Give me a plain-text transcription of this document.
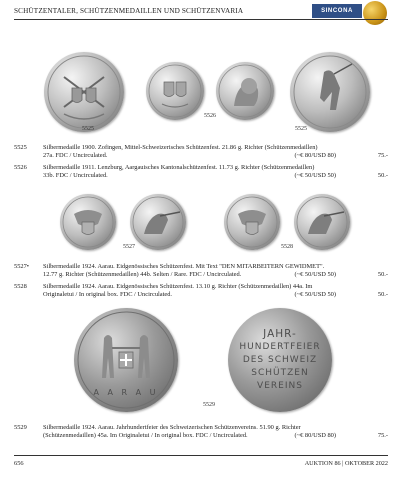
SCHÜTZENTALER, SCHÜTZENMEDAILLEN UND SCHÜTZENVARIA	SINCONA
5525
5526
5525
5525	Silbermedaille 1900. Zofingen, Mittel-Schweizerisches Schützenfest. 21.86 g. Richter (Schützenmedaillen)
27a. FDC / Uncirculated.	(~€ 80/USD 80)	75.-
5526	Silbermedaille 1911. Lenzburg, Aargauisches Kantonalschützenfest. 11.73 g. Richter (Schützenmedaillen)
33b. FDC / Uncirculated.	(~€ 50/USD 50)	50.-
5527	5528
5527• Silbermedaille 1924. Aarau. Eidgenössisches Schützenfest. Mit Text "DEN MITARBEITERN GEWIDMET".
12.77 g. Richter (Schützenmedaillen) 44b. Selten / Rare. FDC / Uncirculated.	(~€ 50/USD 50)	50.-
5528	Silbermedaille 1924. Aarau. Eidgenössisches Schützenfest. 13.10 g. Richter (Schützenmedaillen) 44a. Im
Originaletui / In original box. FDC / Uncirculated.	(~€ 50/USD 50)	50.-
A A R A U
JAHR-
HUNDERTFEIER
DES SCHWEIZ
SCHÜTZEN
VEREINS
5529
5529	Silbermedaille 1924. Aarau. Jahrhundertfeier des Schweizerischen Schützenvereins. 51.90 g. Richter
(Schützenmedaillen) 45a. Im Originaletui / In original box. FDC / Uncirculated.	(~€ 80/USD 80)	75.-
656	AUKTION 86 | OKTOBER 2022
